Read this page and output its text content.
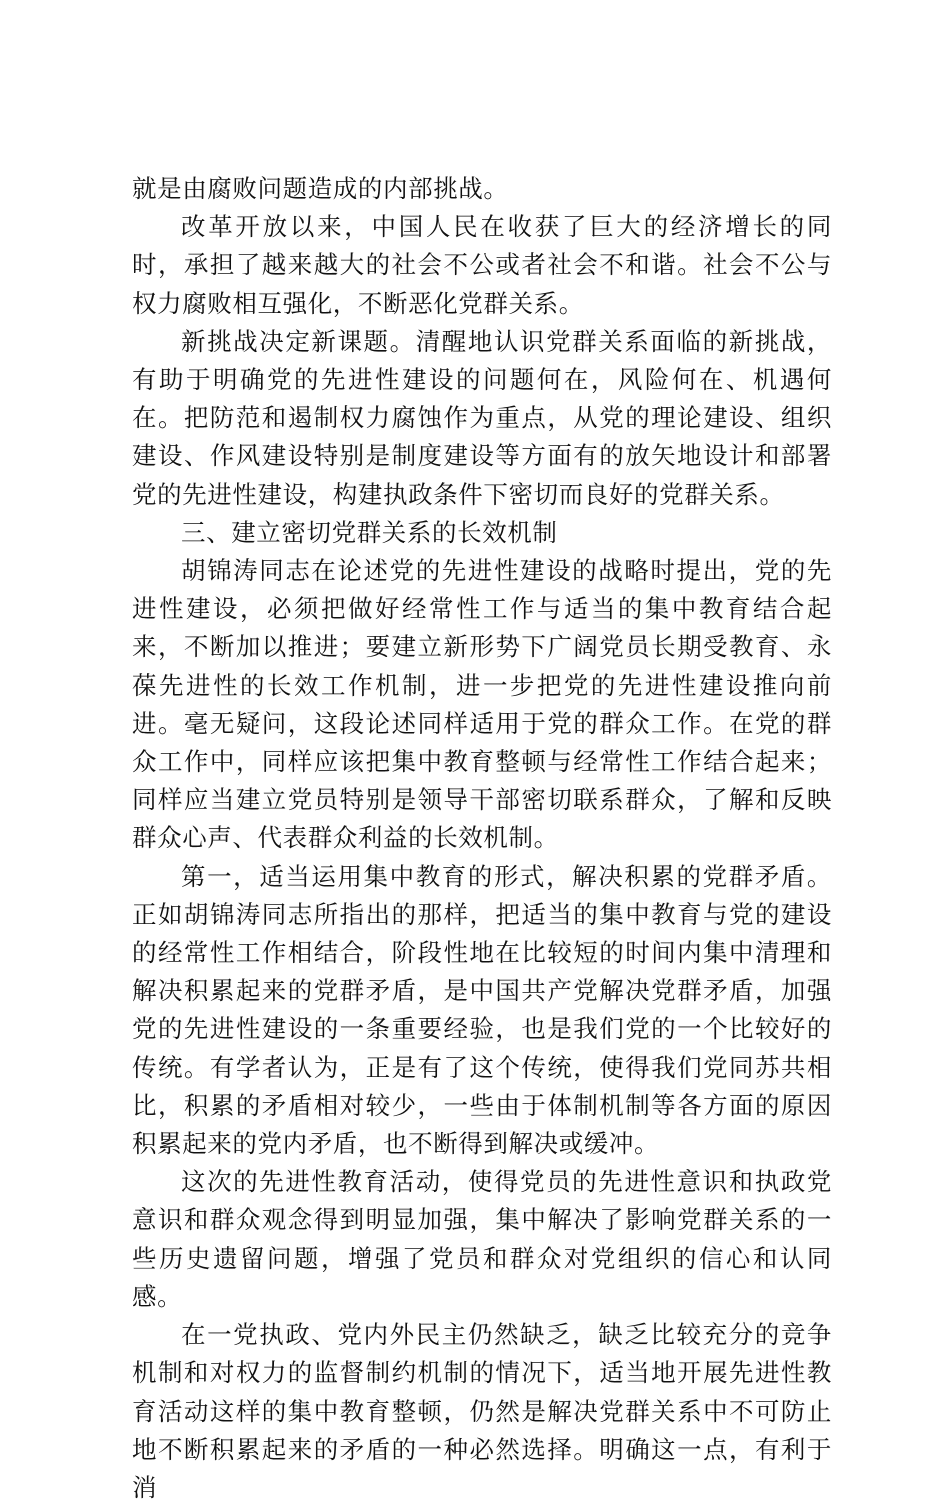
就是由腐败问题造成的内部挑战。

改革开放以来，中国人民在收获了巨大的经济增长的同时，承担了越来越大的社会不公或者社会不和谐。社会不公与权力腐败相互强化，不断恶化党群关系。

新挑战决定新课题。清醒地认识党群关系面临的新挑战，有助于明确党的先进性建设的问题何在，风险何在、机遇何在。把防范和遏制权力腐蚀作为重点，从党的理论建设、组织建设、作风建设特别是制度建设等方面有的放矢地设计和部署党的先进性建设，构建执政条件下密切而良好的党群关系。

三、建立密切党群关系的长效机制

胡锦涛同志在论述党的先进性建设的战略时提出，党的先进性建设，必须把做好经常性工作与适当的集中教育结合起来，不断加以推进；要建立新形势下广阔党员长期受教育、永葆先进性的长效工作机制，进一步把党的先进性建设推向前进。毫无疑问，这段论述同样适用于党的群众工作。在党的群众工作中，同样应该把集中教育整顿与经常性工作结合起来；同样应当建立党员特别是领导干部密切联系群众，了解和反映群众心声、代表群众利益的长效机制。

第一，适当运用集中教育的形式，解决积累的党群矛盾。正如胡锦涛同志所指出的那样，把适当的集中教育与党的建设的经常性工作相结合，阶段性地在比较短的时间内集中清理和解决积累起来的党群矛盾，是中国共产党解决党群矛盾，加强党的先进性建设的一条重要经验，也是我们党的一个比较好的传统。有学者认为，正是有了这个传统，使得我们党同苏共相比，积累的矛盾相对较少，一些由于体制机制等各方面的原因积累起来的党内矛盾，也不断得到解决或缓冲。

这次的先进性教育活动，使得党员的先进性意识和执政党意识和群众观念得到明显加强，集中解决了影响党群关系的一些历史遗留问题，增强了党员和群众对党组织的信心和认同感。

在一党执政、党内外民主仍然缺乏，缺乏比较充分的竞争机制和对权力的监督制约机制的情况下，适当地开展先进性教育活动这样的集中教育整顿，仍然是解决党群关系中不可防止地不断积累起来的矛盾的一种必然选择。明确这一点，有利于消
